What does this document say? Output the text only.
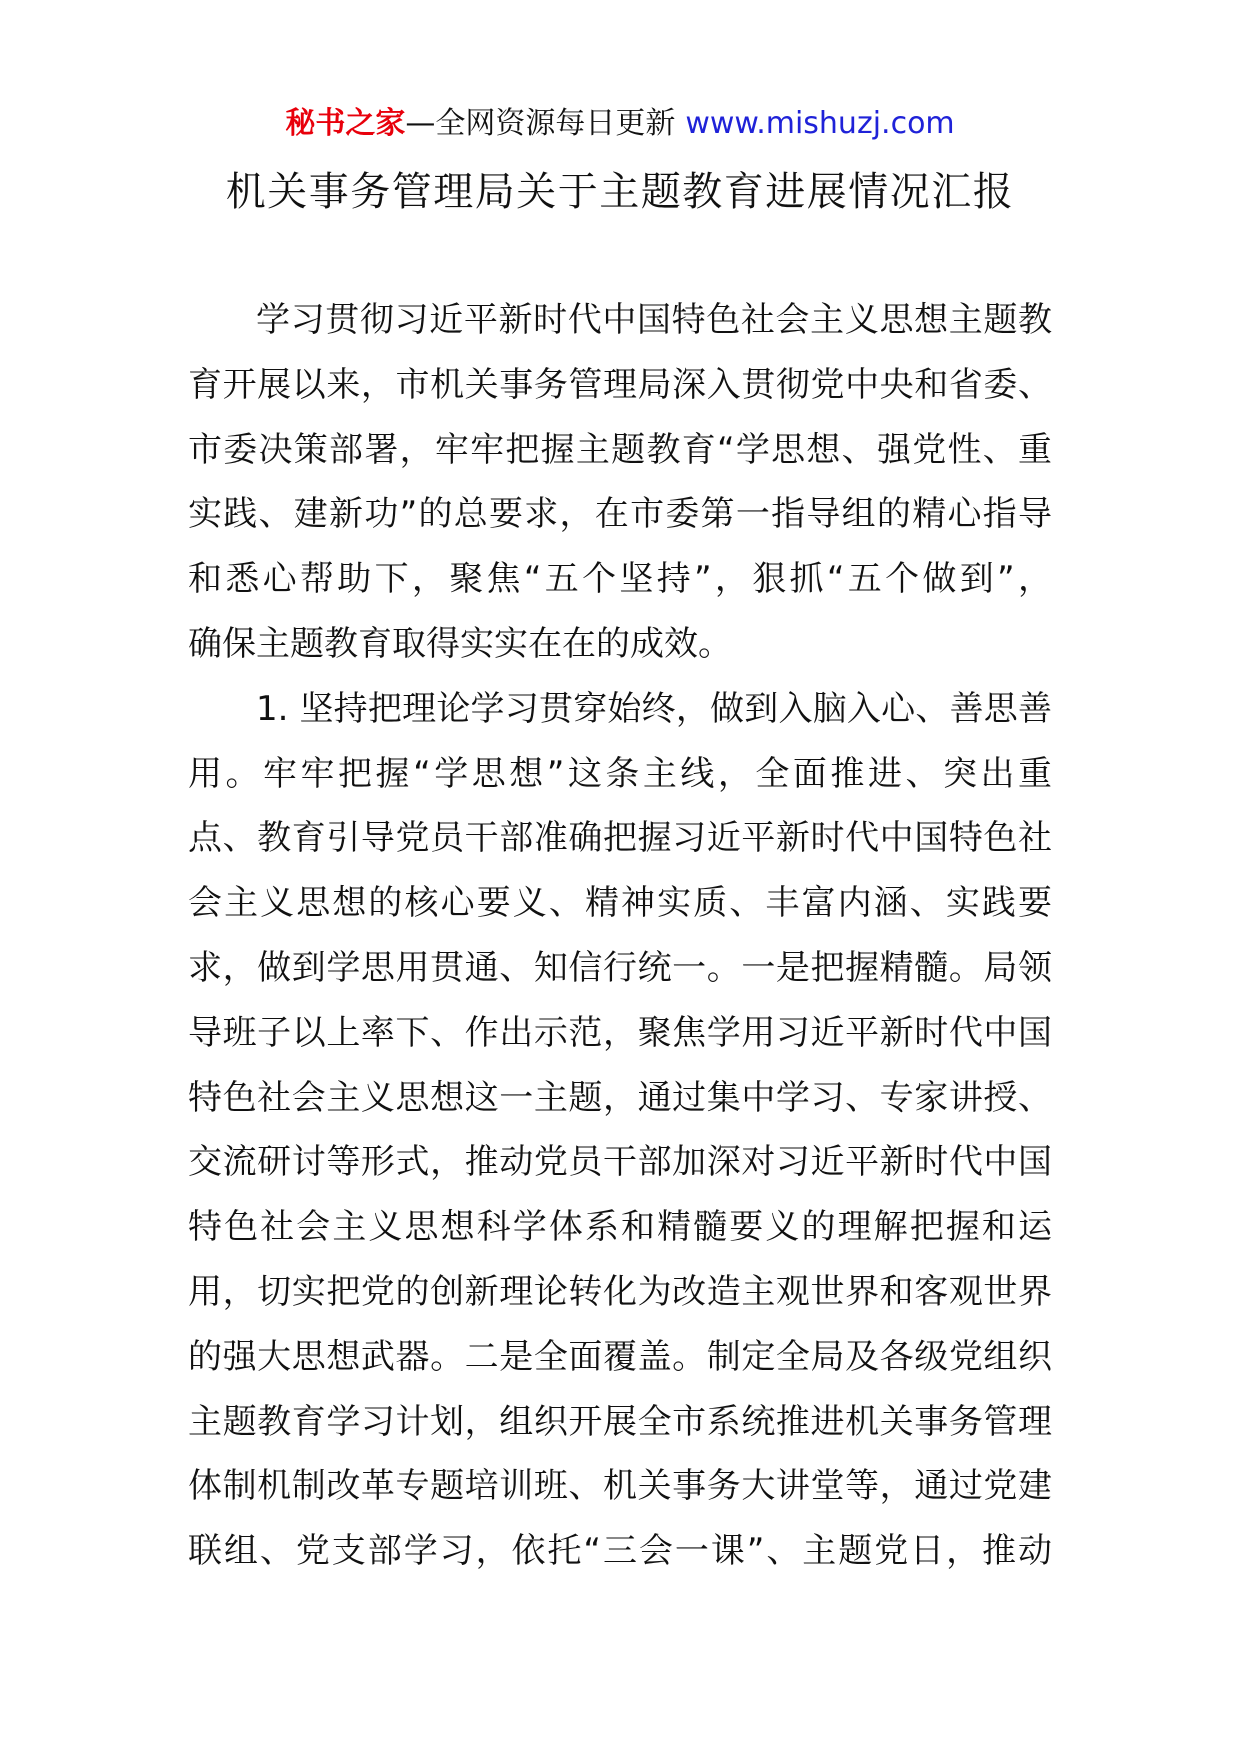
秘书之家—全网资源每日更新 www.mishuzj.com
机关事务管理局关于主题教育进展情况汇报
学习贯彻习近平新时代中国特色社会主义思想主题教
育开展以来，市机关事务管理局深入贯彻党中央和省委、
市委决策部署，牢牢把握主题教育“学思想、强党性、重
实践、建新功”的总要求，在市委第一指导组的精心指导
和悉心帮助下，聚焦“五个坚持”，狠抓“五个做到”，
确保主题教育取得实实在在的成效。
1. 坚持把理论学习贯穿始终，做到入脑入心、善思善
用。牢牢把握“学思想”这条主线，全面推进、突出重
点、教育引导党员干部准确把握习近平新时代中国特色社
会主义思想的核心要义、精神实质、丰富内涵、实践要
求，做到学思用贯通、知信行统一。一是把握精髓。局领
导班子以上率下、作出示范，聚焦学用习近平新时代中国
特色社会主义思想这一主题，通过集中学习、专家讲授、
交流研讨等形式，推动党员干部加深对习近平新时代中国
特色社会主义思想科学体系和精髓要义的理解把握和运
用，切实把党的创新理论转化为改造主观世界和客观世界
的强大思想武器。二是全面覆盖。制定全局及各级党组织
主题教育学习计划，组织开展全市系统推进机关事务管理
体制机制改革专题培训班、机关事务大讲堂等，通过党建
联组、党支部学习，依托“三会一课”、主题党日，推动
